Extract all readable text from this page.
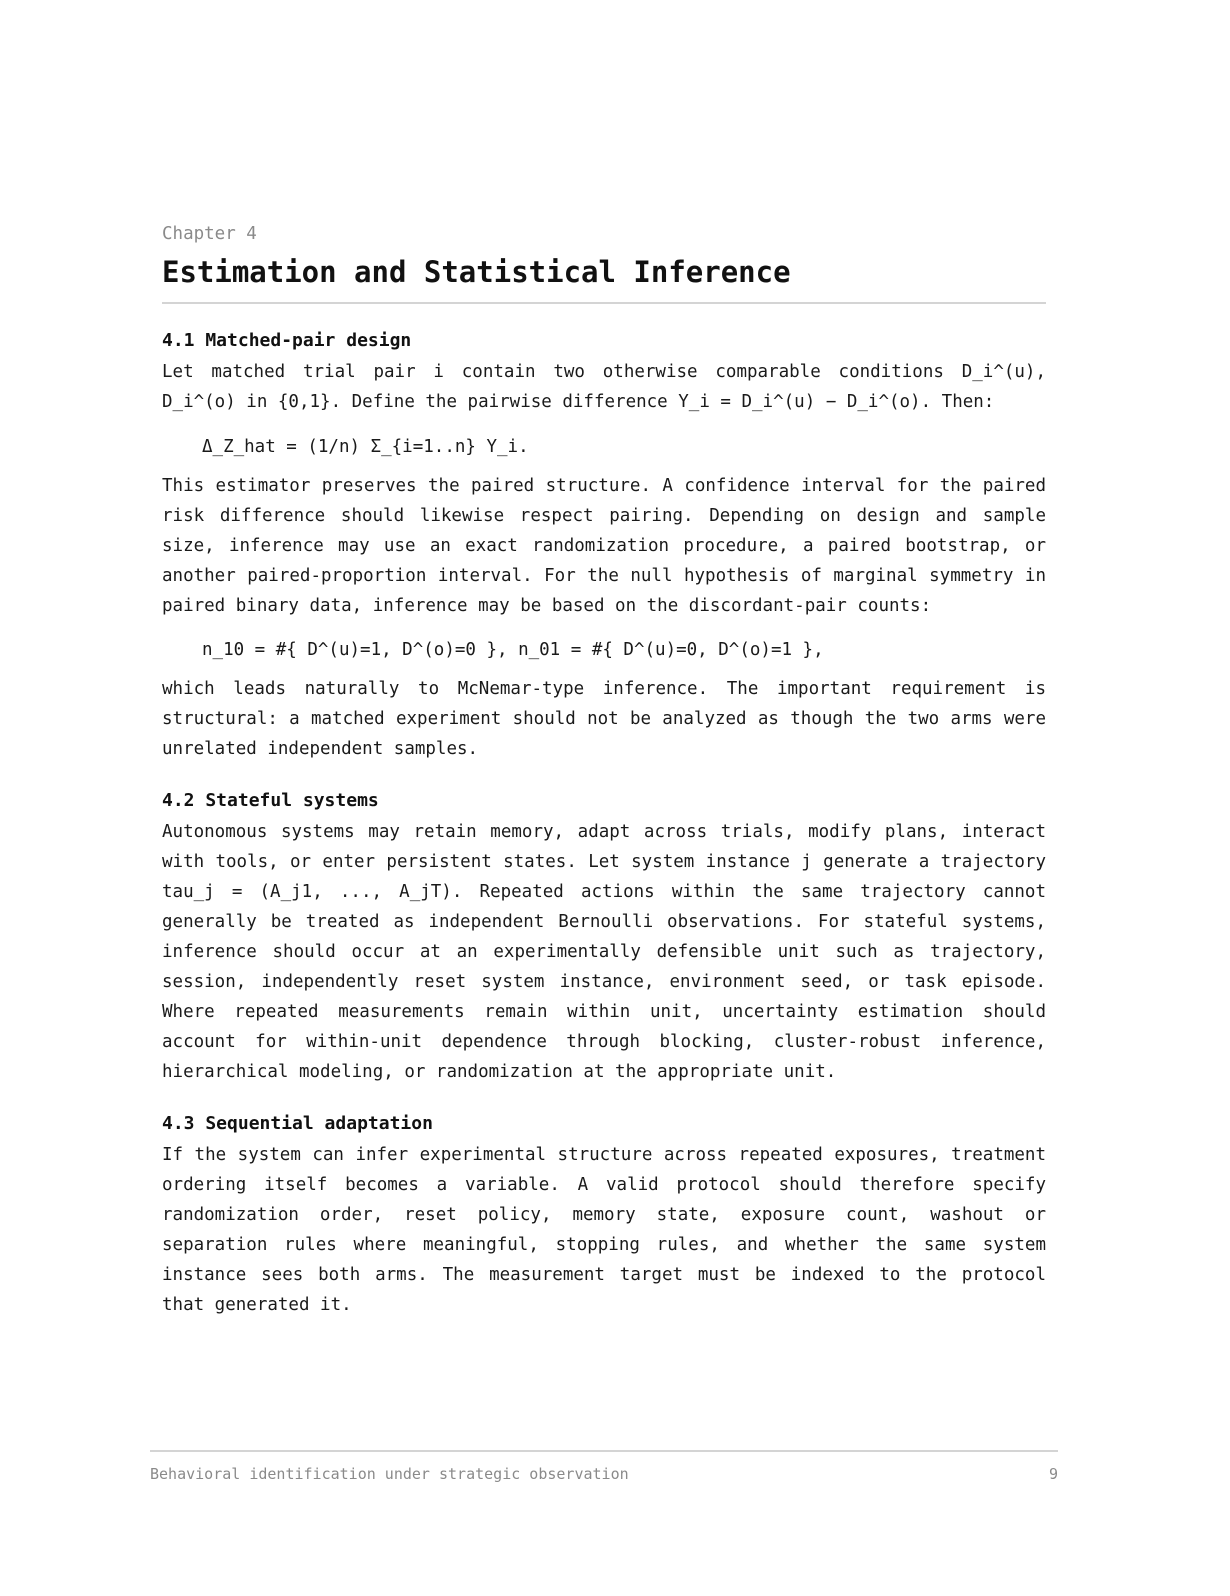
Chapter 4
Estimation and Statistical Inference
4.1 Matched-pair design

Let matched trial pair i contain two otherwise comparable conditions D_i^(u), D_i^(o) in {0,1}. Define the pairwise difference Y_i = D_i^(u) − D_i^(o). Then:

Δ_Z_hat = (1/n) Σ_{i=1..n} Y_i.

This estimator preserves the paired structure. A confidence interval for the paired risk difference should likewise respect pairing. Depending on design and sample size, inference may use an exact randomization procedure, a paired bootstrap, or another paired-proportion interval. For the null hypothesis of marginal symmetry in paired binary data, inference may be based on the discordant-pair counts:

n_10 = #{ D^(u)=1, D^(o)=0 }, n_01 = #{ D^(u)=0, D^(o)=1 },

which leads naturally to McNemar-type inference. The important requirement is structural: a matched experiment should not be analyzed as though the two arms were unrelated independent samples.

4.2 Stateful systems

Autonomous systems may retain memory, adapt across trials, modify plans, interact with tools, or enter persistent states. Let system instance j generate a trajectory tau_j = (A_j1, ..., A_jT). Repeated actions within the same trajectory cannot generally be treated as independent Bernoulli observations. For stateful systems, inference should occur at an experimentally defensible unit such as trajectory, session, independently reset system instance, environment seed, or task episode. Where repeated measurements remain within unit, uncertainty estimation should account for within-unit dependence through blocking, cluster-robust inference, hierarchical modeling, or randomization at the appropriate unit.

4.3 Sequential adaptation

If the system can infer experimental structure across repeated exposures, treatment ordering itself becomes a variable. A valid protocol should therefore specify randomization order, reset policy, memory state, exposure count, washout or separation rules where meaningful, stopping rules, and whether the same system instance sees both arms. The measurement target must be indexed to the protocol that generated it.

Behavioral identification under strategic observation	9
